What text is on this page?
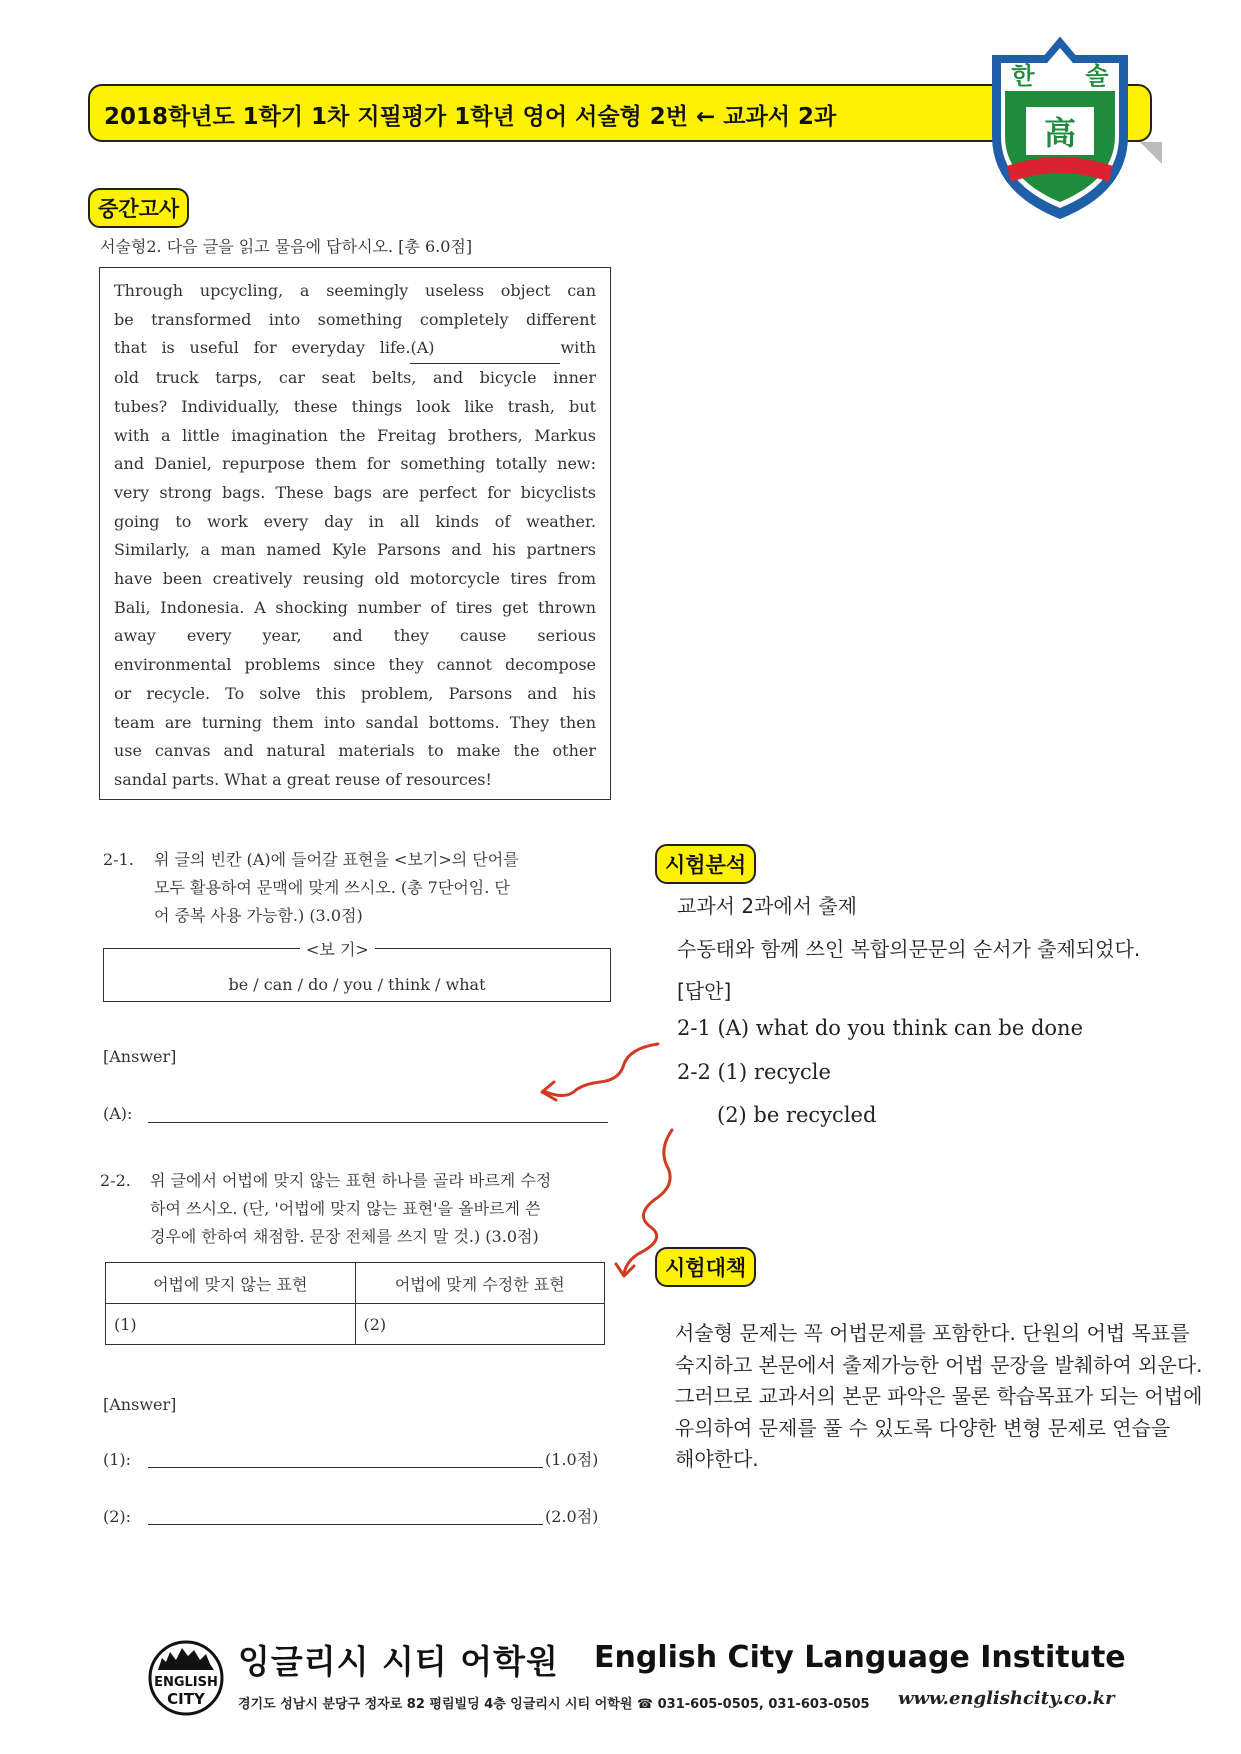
2018학년도 1학기 1차 지필평가 1학년 영어 서술형 2번 ← 교과서 2과
한 솔
高
중간고사
서술형2. 다음 글을 읽고 물음에 답하시오. [총 6.0점]
Through upcycling, a seemingly useless object can
be transformed into something completely different
that is useful for everyday life.(A)	with
old truck tarps, car seat belts, and bicycle inner
tubes? Individually, these things look like trash, but
with a little imagination the Freitag brothers, Markus
and Daniel, repurpose them for something totally new:
very strong bags. These bags are perfect for bicyclists
going to work every day in all kinds of weather.
Similarly, a man named Kyle Parsons and his partners
have been creatively reusing old motorcycle tires from
Bali, Indonesia. A shocking number of tires get thrown
away every year, and they cause serious
environmental problems since they cannot decompose
or recycle. To solve this problem, Parsons and his
team are turning them into sandal bottoms. They then
use canvas and natural materials to make the other
sandal parts. What a great reuse of resources!
2-1. 위 글의 빈칸 (A)에 들어갈 표현을 <보기>의 단어를
모두 활용하여 문맥에 맞게 쓰시오. (총 7단어임. 단
어 중복 사용 가능함.) (3.0점)
<보 기>
be / can / do / you / think / what
[Answer]
(A):
2-2. 위 글에서 어법에 맞지 않는 표현 하나를 골라 바르게 수정
하여 쓰시오. (단, '어법에 맞지 않는 표현'을 올바르게 쓴
경우에 한하여 채점함. 문장 전체를 쓰지 말 것.) (3.0점)
어법에 맞지 않는 표현	어법에 맞게 수정한 표현
(1)	(2)
[Answer]
(1):	(1.0점)
(2):	(2.0점)
시험분석
교과서 2과에서 출제
수동태와 함께 쓰인 복합의문문의 순서가 출제되었다.
[답안]
2-1 (A) what do you think can be done
2-2 (1) recycle
(2) be recycled
시험대책
서술형 문제는 꼭 어법문제를 포함한다. 단원의 어법 목표를
숙지하고 본문에서 출제가능한 어법 문장을 발췌하여 외운다.
그러므로 교과서의 본문 파악은 물론 학습목표가 되는 어법에
유의하여 문제를 풀 수 있도록 다양한 변형 문제로 연습을
해야한다.
ENGLISH
CITY
잉글리시 시티 어학원 English City Language Institute
경기도 성남시 분당구 정자로 82 평림빌딩 4층 잉글리시 시티 어학원 ☎ 031-605-0505, 031-603-0505 www.englishcity.co.kr
